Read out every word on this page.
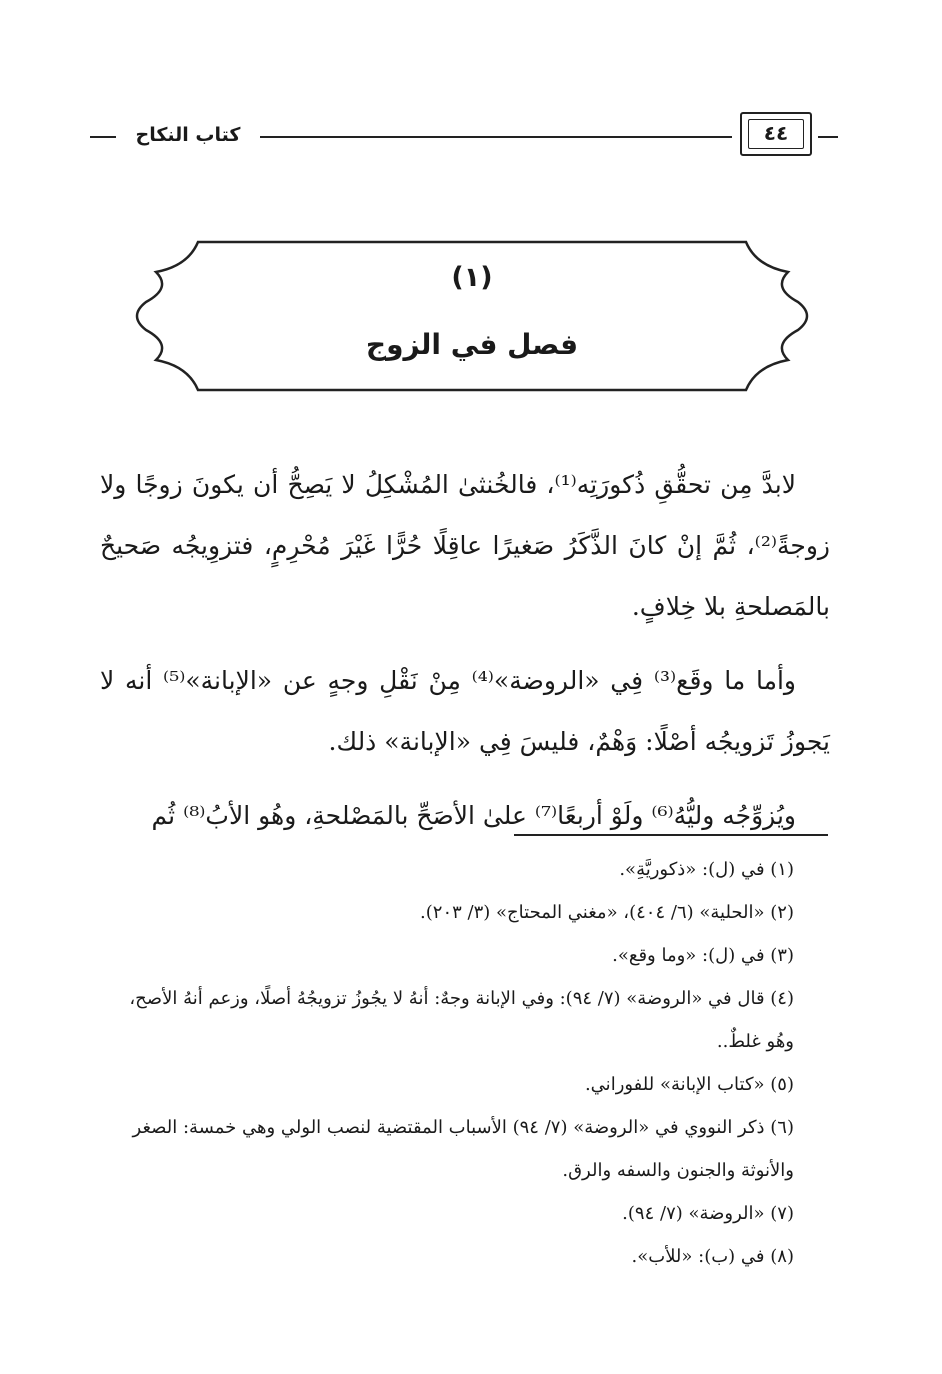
كتاب النكاح	٤٤
(١)
فصل في الزوج

لابدَّ مِن تحقُّقِ ذُكورَتِه⁽¹⁾، فالخُنثىٰ المُشْكِلُ لا يَصِحُّ أن يكونَ زوجًا ولا زوجةً⁽²⁾، ثُمَّ إنْ كانَ الذَّكَرُ صَغيرًا عاقِلًا حُرًّا غَيْرَ مُحْرِمٍ، فتزوِيجُه صَحيحٌ بالمَصلحةِ بلا خِلافٍ.

وأما ما وقَع⁽³⁾ فِي «الروضة»⁽⁴⁾ مِنْ نَقْلِ وجهٍ عن «الإبانة»⁽⁵⁾ أنه لا يَجوزُ تَزويجُه أصْلًا: وَهْمٌ، فليسَ فِي «الإبانة» ذلك.

ويُزوِّجُه وليُّهُ⁽⁶⁾ ولَوْ أربعًا⁽⁷⁾ علىٰ الأصَحِّ بالمَصْلحةِ، وهُو الأبُ⁽⁸⁾ ثُم

(١) في (ل): «ذكوريَّةِ».

(٢) «الحلية» (٦/ ٤٠٤)، «مغني المحتاج» (٣/ ٢٠٣).

(٣) في (ل): «وما وقع».

(٤) قال في «الروضة» (٧/ ٩٤): وفي الإبانة وجهٌ: أنهُ لا يجُوزُ تزويجُهُ أصلًا، وزعم أنهُ الأصح، وهُو غلطٌ..

(٥) «كتاب الإبانة» للفوراني.

(٦) ذكر النووي في «الروضة» (٧/ ٩٤) الأسباب المقتضية لنصب الولي وهي خمسة: الصغر والأنوثة والجنون والسفه والرق.

(٧) «الروضة» (٧/ ٩٤).

(٨) في (ب): «للأب».
